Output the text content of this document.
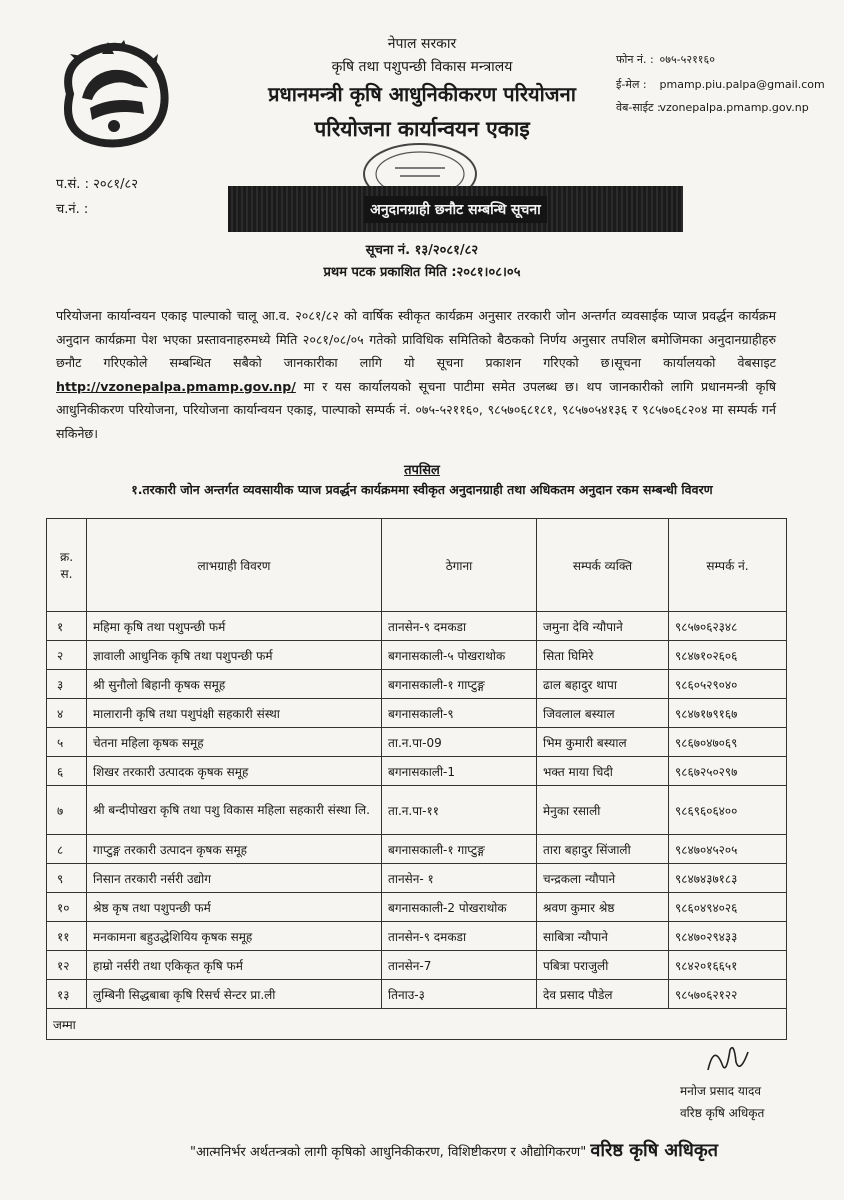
नेपाल सरकार
कृषि तथा पशुपन्छी विकास मन्त्रालय
प्रधानमन्त्री कृषि आधुनिकीकरण परियोजना
परियोजना कार्यान्वयन एकाइ
फोन नं. : ०७५-५२११६०
ई-मेल : pmamp.piu.palpa@gmail.com
वेब-साईट : vzonepalpa.pmamp.gov.np
प.सं. : २०८१/८२
च.नं. :	अनुदानग्राही छनौट सम्बन्धि सूचना
सूचना नं. १३/२०८१/८२
प्रथम पटक प्रकाशित मिति :२०८१।०८।०५
परियोजना कार्यान्वयन एकाइ पाल्पाको चालू आ.व. २०८१/८२ को वार्षिक स्वीकृत कार्यक्रम अनुसार तरकारी जोन अन्तर्गत व्यवसाईक प्याज प्रवर्द्धन कार्यक्रम अनुदान कार्यक्रमा पेश भएका प्रस्तावनाहरुमध्ये मिति २०८१/०८/०५ गतेको प्राविधिक समितिको बैठकको निर्णय अनुसार तपशिल बमोजिमका अनुदानग्राहीहरु छनौट गरिएकोले सम्बन्धित सबैको जानकारीका लागि यो सूचना प्रकाशन गरिएको छ।सूचना कार्यालयको वेबसाइट http://vzonepalpa.pmamp.gov.np/ मा र यस कार्यालयको सूचना पाटीमा समेत उपलब्ध छ। थप जानकारीको लागि प्रधानमन्त्री कृषि आधुनिकीकरण परियोजना, परियोजना कार्यान्वयन एकाइ, पाल्पाको सम्पर्क नं. ०७५-५२११६०, ९८५७०६८१८१, ९८५७०५४१३६ र ९८५७०६८२०४ मा सम्पर्क गर्न सकिनेछ।
तपसिल
१.तरकारी जोन अन्तर्गत व्यवसायीक प्याज प्रवर्द्धन कार्यक्रममा स्वीकृत अनुदानग्राही तथा अधिकतम अनुदान रकम सम्बन्धी विवरण
क्र. स.	लाभग्राही विवरण	ठेगाना	सम्पर्क व्यक्ति	सम्पर्क नं.
१	महिमा कृषि तथा पशुपन्छी फर्म	तानसेन-९ दमकडा	जमुना देवि न्यौपाने	९८५७०६२३४८
२	ज्ञावाली आधुनिक कृषि तथा पशुपन्छी फर्म	बगनासकाली-५ पोखराथोक	सिता घिमिरे	९८४७१०२६०६
३	श्री सुनौलो बिहानी कृषक समूह	बगनासकाली-१ गाप्टुङ्ग	ढाल बहादुर थापा	९८६०५२९०४०
४	मालारानी कृषि तथा पशुपंक्षी सहकारी संस्था	बगनासकाली-९	जिवलाल बस्याल	९८४७१७९१६७
५	चेतना महिला कृषक समूह	ता.न.पा-09	भिम कुमारी बस्याल	९८६७०४७०६९
६	शिखर तरकारी उत्पादक कृषक समूह	बगनासकाली-1	भक्त माया चिदी	९८६७२५०२९७
७	श्री बन्दीपोखरा कृषि तथा पशु विकास महिला सहकारी संस्था लि.	ता.न.पा-११	मेनुका रसाली	९८६९६०६४००
८	गाप्टुङ्ग तरकारी उत्पादन कृषक समूह	बगनासकाली-१ गाप्टुङ्ग	तारा बहादुर सिंजाली	९८४७०४५२०५
९	निसान तरकारी नर्सरी उद्योग	तानसेन- १	चन्द्रकला न्यौपाने	९८४७४३७१८३
१०	श्रेष्ठ कृष तथा पशुपन्छी फर्म	बगनासकाली-2 पोखराथोक	श्रवण कुमार श्रेष्ठ	९८६०४९४०२६
११	मनकामना बहुउद्धेशियिय कृषक समूह	तानसेन-९ दमकडा	साबित्रा न्यौपाने	९८४७०२९४३३
१२	हाम्रो नर्सरी तथा एकिकृत कृषि फर्म	तानसेन-7	पबित्रा पराजुली	९८४२०१६६५१
१३	लुम्बिनी सिद्धबाबा कृषि रिसर्च सेन्टर प्रा.ली	तिनाउ-३	देव प्रसाद पौडेल	९८५७०६२१२२
जम्मा				
मनोज प्रसाद यादव
वरिष्ठ कृषि अधिकृत
"आत्मनिर्भर अर्थतन्त्रको लागी कृषिको आधुनिकीकरण, विशिष्टीकरण र औद्योगिकरण" वरिष्ठ कृषि अधिकृत
